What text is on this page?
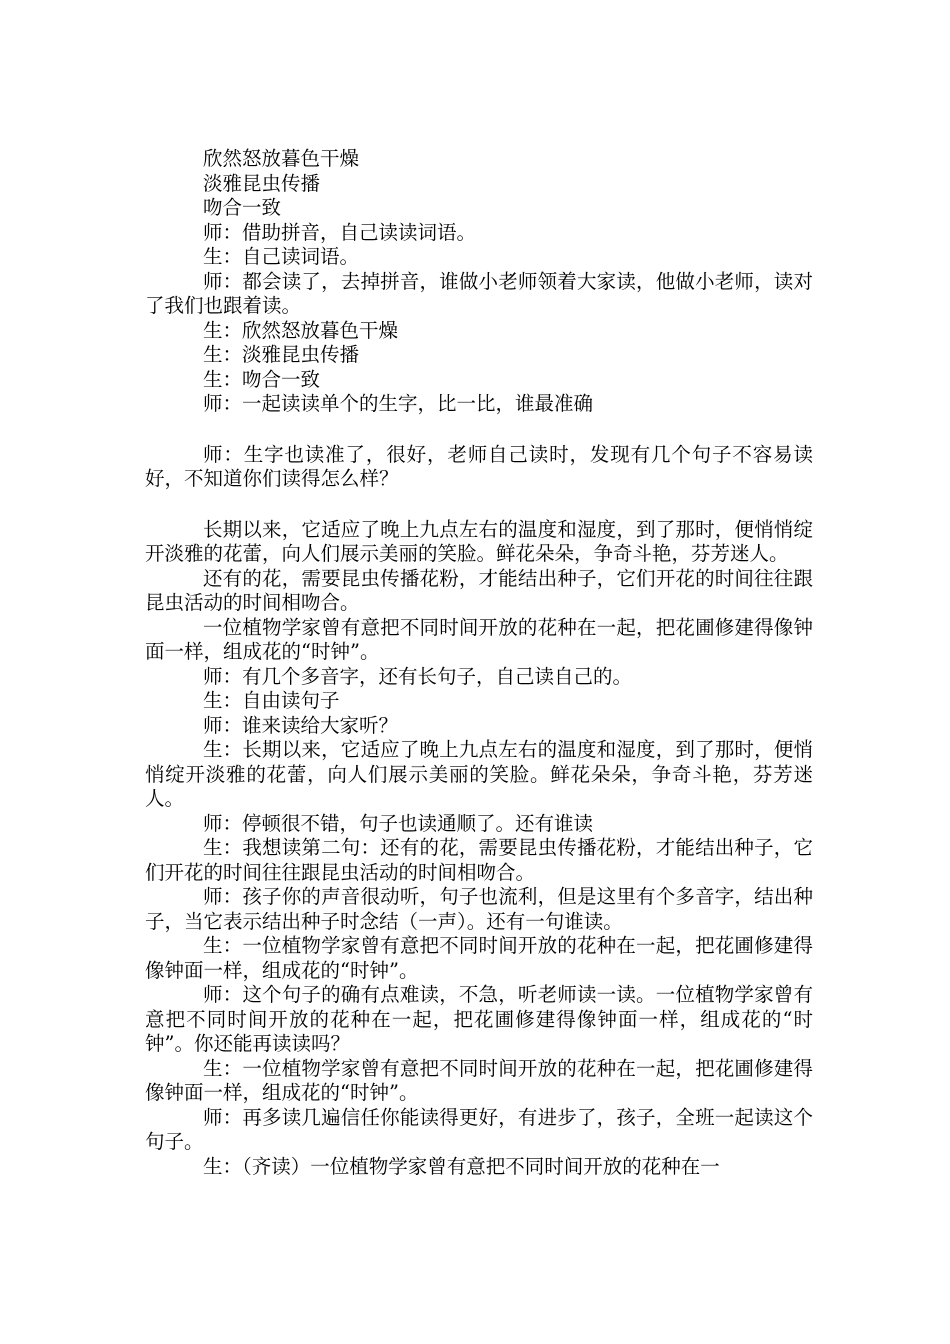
欣然怒放暮色干燥

淡雅昆虫传播

吻合一致

师：借助拼音，自己读读词语。

生：自己读词语。

师：都会读了，去掉拼音，谁做小老师领着大家读，他做小老师，读对了我们也跟着读。

生：欣然怒放暮色干燥

生：淡雅昆虫传播

生：吻合一致

师：一起读读单个的生字，比一比，谁最准确

师：生字也读准了，很好，老师自己读时，发现有几个句子不容易读好，不知道你们读得怎么样？

长期以来，它适应了晚上九点左右的温度和湿度，到了那时，便悄悄绽开淡雅的花蕾，向人们展示美丽的笑脸。鲜花朵朵，争奇斗艳，芬芳迷人。

还有的花，需要昆虫传播花粉，才能结出种子，它们开花的时间往往跟昆虫活动的时间相吻合。

一位植物学家曾有意把不同时间开放的花种在一起，把花圃修建得像钟面一样，组成花的“时钟”。

师：有几个多音字，还有长句子，自己读自己的。

生：自由读句子

师：谁来读给大家听？

生：长期以来，它适应了晚上九点左右的温度和湿度，到了那时，便悄悄绽开淡雅的花蕾，向人们展示美丽的笑脸。鲜花朵朵，争奇斗艳，芬芳迷人。

师：停顿很不错，句子也读通顺了。还有谁读

生：我想读第二句：还有的花，需要昆虫传播花粉，才能结出种子，它们开花的时间往往跟昆虫活动的时间相吻合。

师：孩子你的声音很动听，句子也流利，但是这里有个多音字，结出种子，当它表示结出种子时念结（一声）。还有一句谁读。

生：一位植物学家曾有意把不同时间开放的花种在一起，把花圃修建得像钟面一样，组成花的“时钟”。

师：这个句子的确有点难读，不急，听老师读一读。一位植物学家曾有意把不同时间开放的花种在一起，把花圃修建得像钟面一样，组成花的“时钟”。你还能再读读吗？

生：一位植物学家曾有意把不同时间开放的花种在一起，把花圃修建得像钟面一样，组成花的“时钟”。

师：再多读几遍信任你能读得更好，有进步了，孩子，全班一起读这个句子。

生：（齐读）一位植物学家曾有意把不同时间开放的花种在一
